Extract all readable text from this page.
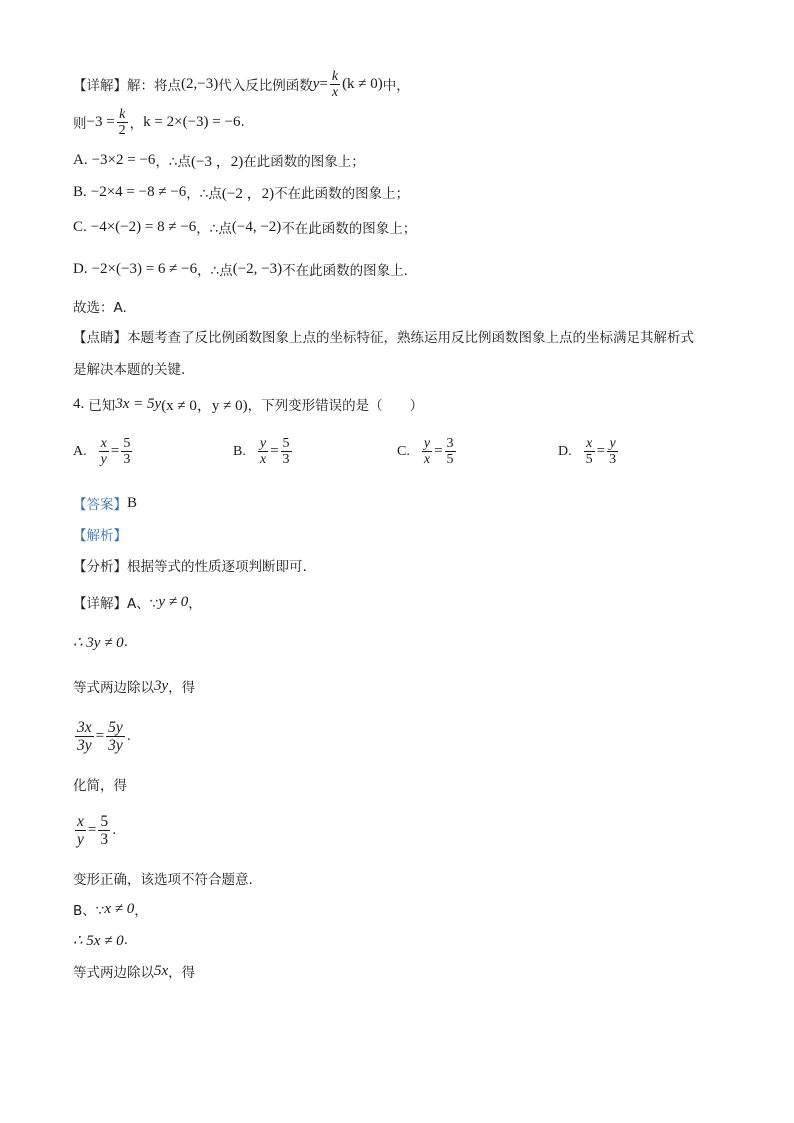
【详解】 解：将点 (2,−3) 代入反比例函数 $y = \frac{k}{x} (k \ne 0)$ 中，
则 $-3 = \frac{k}{2}$ ， k = 2×(−3) = −6 .
A. −3×2 = −6 ，∴点 (−3 ，2) 在此函数的图象上；
B. −2×4 = −8 ≠ −6 ，∴点 (−2 ，2) 不在此函数的图象上；
C. −4×(−2) = 8 ≠ −6 ，∴点 (−4, −2) 不在此函数的图象上；
D. −2×(−3) = 6 ≠ −6 ，∴点 (−2, −3) 不在此函数的图象上.
故选：A.
【点睛】 本题考查了反比例函数图象上点的坐标特征，熟练运用反比例函数图象上点的坐标满足其解析式
是解决本题的关键.
4. 已知 3x = 5y (x ≠ 0，y ≠ 0) ，下列变形错误的是（　　）
A. $\frac{x}{y} = \frac{5}{3}$	B. $\frac{y}{x} = \frac{5}{3}$	C. $\frac{y}{x} = \frac{3}{5}$	D. $\frac{x}{5} = \frac{y}{3}$
【答案】 B
【解析】
【分析】 根据等式的性质逐项判断即可.
【详解】 A、∵ y ≠ 0 ，
∴ 3y ≠ 0 .
等式两边除以 3y ，得
$\frac{3x}{3y} = \frac{5y}{3y}$ .
化简，得
$\frac{x}{y} = \frac{5}{3}$ .
变形正确，该选项不符合题意.
B、∵ x ≠ 0 ，
∴ 5x ≠ 0 .
等式两边除以 5x ，得
